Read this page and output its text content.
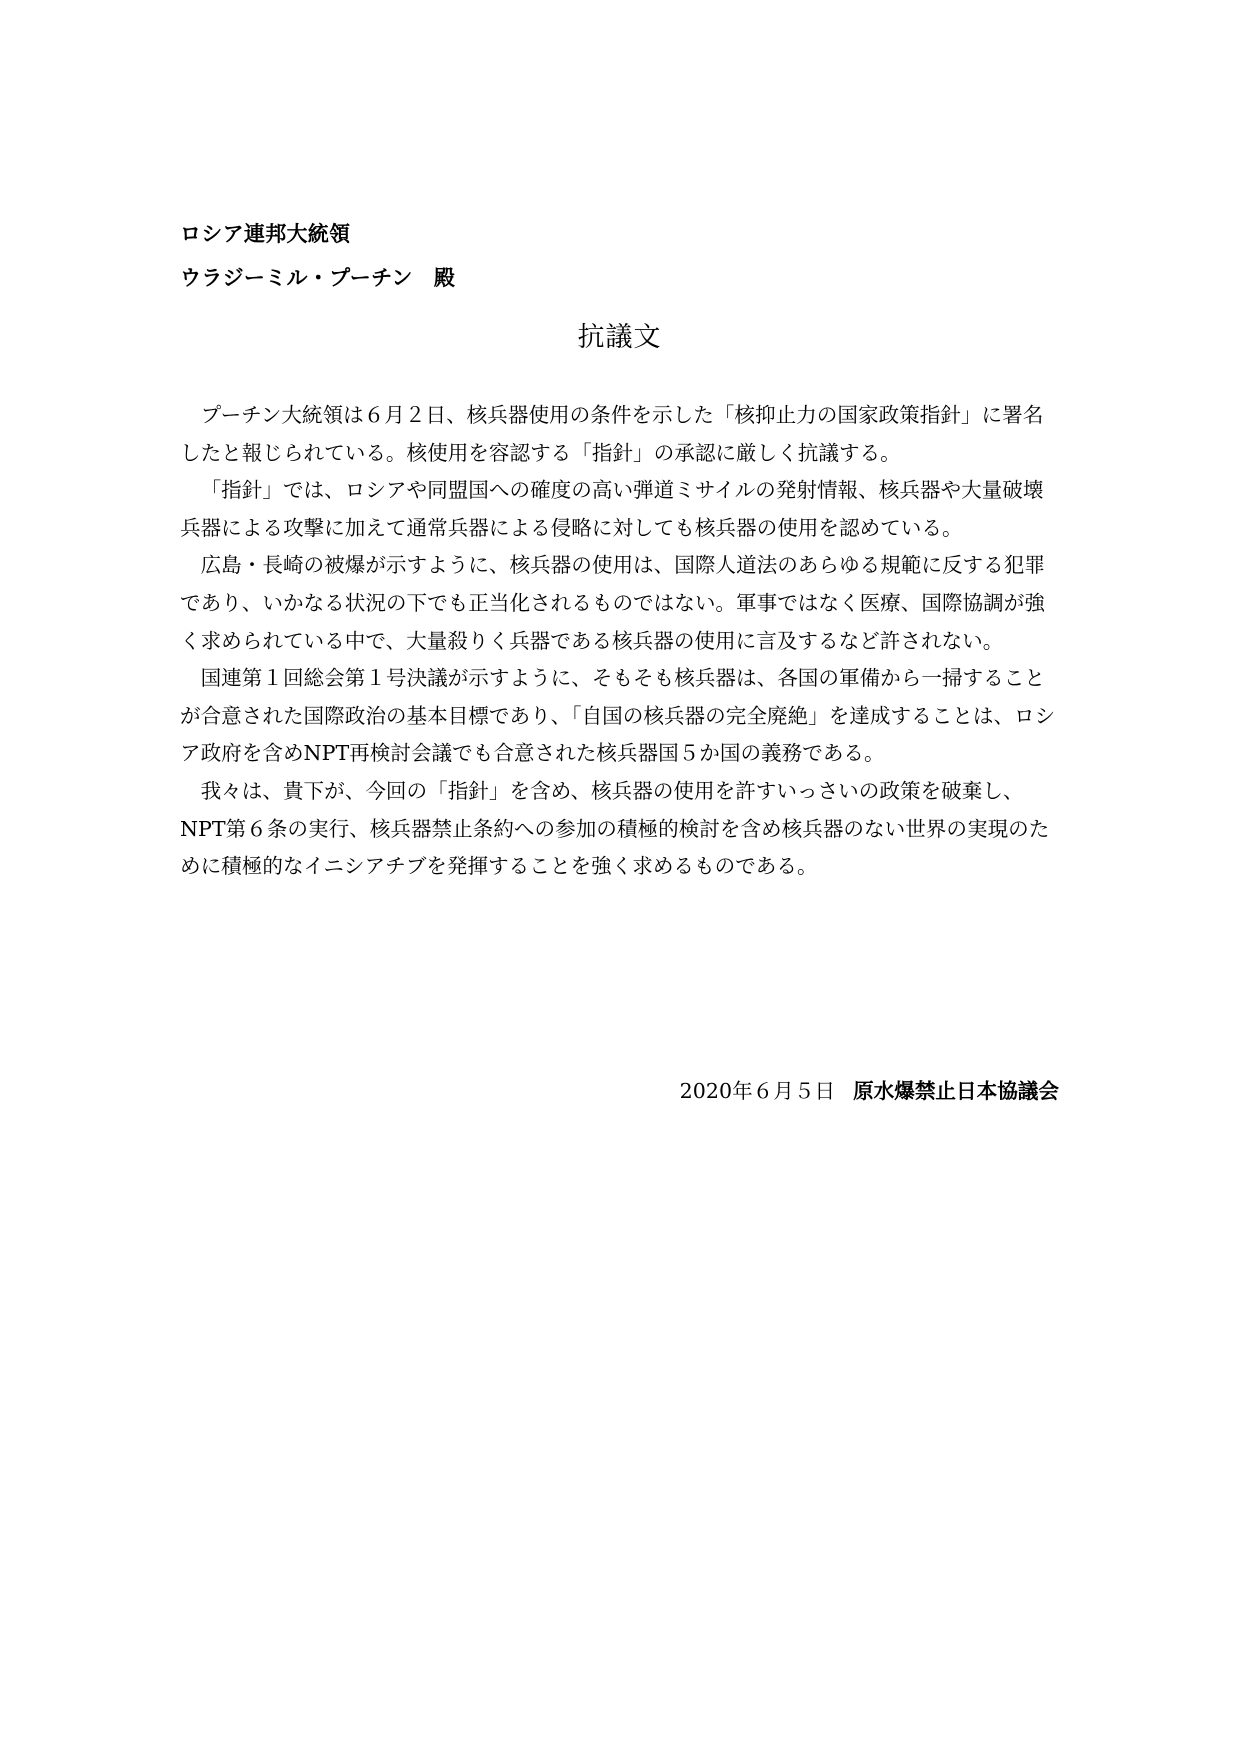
ロシア連邦大統領
ウラジーミル・プーチン　殿
抗議文

プーチン大統領は６月２日、核兵器使用の条件を示した「核抑止力の国家政策指針」に署名したと報じられている。核使用を容認する「指針」の承認に厳しく抗議する。

「指針」では、ロシアや同盟国への確度の高い弾道ミサイルの発射情報、核兵器や大量破壊兵器による攻撃に加えて通常兵器による侵略に対しても核兵器の使用を認めている。

広島・長崎の被爆が示すように、核兵器の使用は、国際人道法のあらゆる規範に反する犯罪であり、いかなる状況の下でも正当化されるものではない。軍事ではなく医療、国際協調が強く求められている中で、大量殺りく兵器である核兵器の使用に言及するなど許されない。

国連第１回総会第１号決議が示すように、そもそも核兵器は、各国の軍備から一掃することが合意された国際政治の基本目標であり、「自国の核兵器の完全廃絶」を達成することは、ロシア政府を含めNPT再検討会議でも合意された核兵器国５か国の義務である。

我々は、貴下が、今回の「指針」を含め、核兵器の使用を許すいっさいの政策を破棄し、NPT第６条の実行、核兵器禁止条約への参加の積極的検討を含め核兵器のない世界の実現のために積極的なイニシアチブを発揮することを強く求めるものである。

2020年６月５日 原水爆禁止日本協議会
